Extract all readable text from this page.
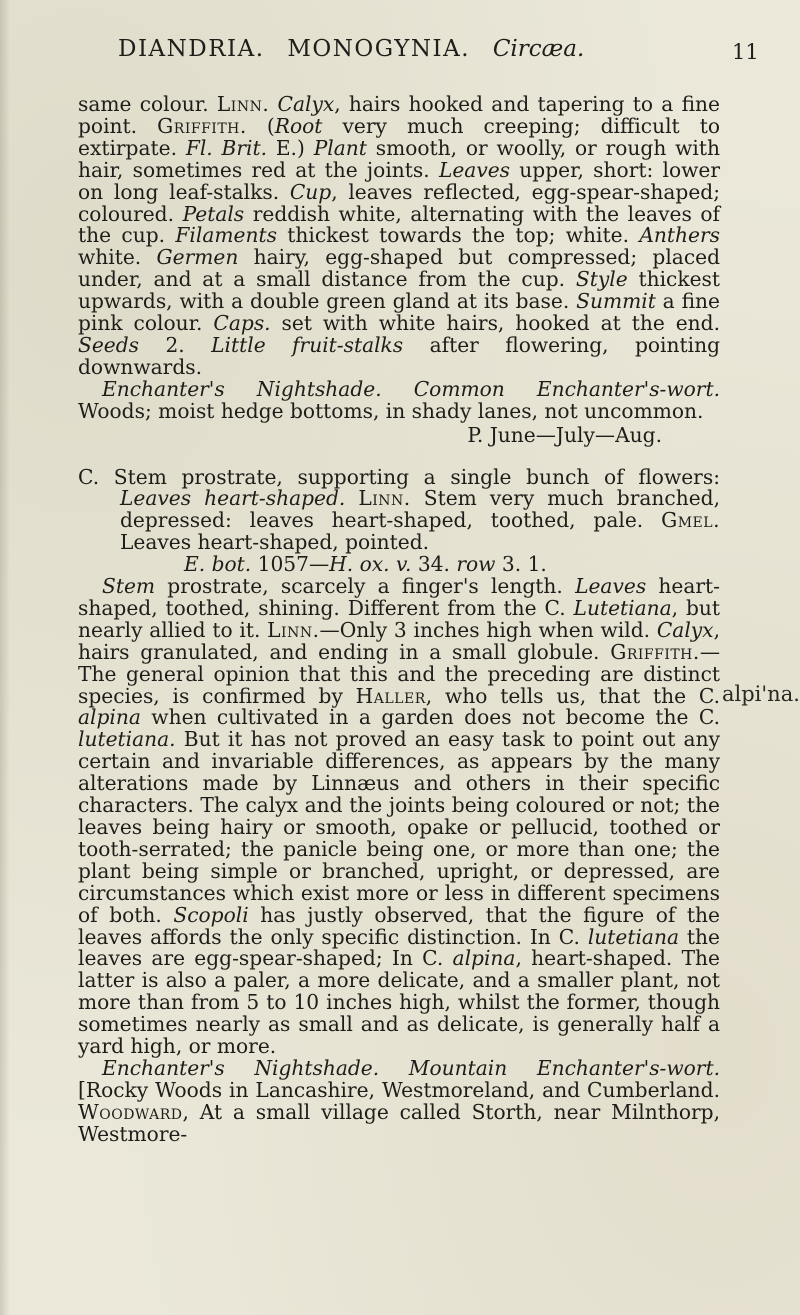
DIANDRIA. MONOGYNIA. Circæa.	11
alpi'na.

same colour. Linn. Calyx, hairs hooked and tapering to a fine point. Griffith. (Root very much creeping; difficult to extirpate. Fl. Brit. E.) Plant smooth, or woolly, or rough with hair, sometimes red at the joints. Leaves upper, short: lower on long leaf-stalks. Cup, leaves reflected, egg-spear-shaped; coloured. Petals reddish white, alternating with the leaves of the cup. Filaments thickest towards the top; white. Anthers white. Germen hairy, egg-shaped but compressed; placed under, and at a small distance from the cup. Style thickest upwards, with a double green gland at its base. Summit a fine pink colour. Caps. set with white hairs, hooked at the end. Seeds 2. Little fruit-stalks after flowering, pointing downwards.

Enchanter's Nightshade. Common Enchanter's-wort. Woods; moist hedge bottoms, in shady lanes, not uncommon.

P. June—July—Aug.

C. Stem prostrate, supporting a single bunch of flowers: Leaves heart-shaped. Linn. Stem very much branched, depressed: leaves heart-shaped, toothed, pale. Gmel. Leaves heart-shaped, pointed.

E. bot. 1057—H. ox. v. 34. row 3. 1.

Stem prostrate, scarcely a finger's length. Leaves heart-shaped, toothed, shining. Different from the C. Lutetiana, but nearly allied to it. Linn.—Only 3 inches high when wild. Calyx, hairs granulated, and ending in a small globule. Griffith.—The general opinion that this and the preceding are distinct species, is confirmed by Haller, who tells us, that the C. alpina when cultivated in a garden does not become the C. lutetiana. But it has not proved an easy task to point out any certain and invariable differences, as appears by the many alterations made by Linnæus and others in their specific characters. The calyx and the joints being coloured or not; the leaves being hairy or smooth, opake or pellucid, toothed or tooth-serrated; the panicle being one, or more than one; the plant being simple or branched, upright, or depressed, are circumstances which exist more or less in different specimens of both. Scopoli has justly observed, that the figure of the leaves affords the only specific distinction. In C. lutetiana the leaves are egg-spear-shaped; In C. alpina, heart-shaped. The latter is also a paler, a more delicate, and a smaller plant, not more than from 5 to 10 inches high, whilst the former, though sometimes nearly as small and as delicate, is generally half a yard high, or more.

Enchanter's Nightshade. Mountain Enchanter's-wort. [Rocky Woods in Lancashire, Westmoreland, and Cumberland. Woodward, At a small village called Storth, near Milnthorp, Westmore-
